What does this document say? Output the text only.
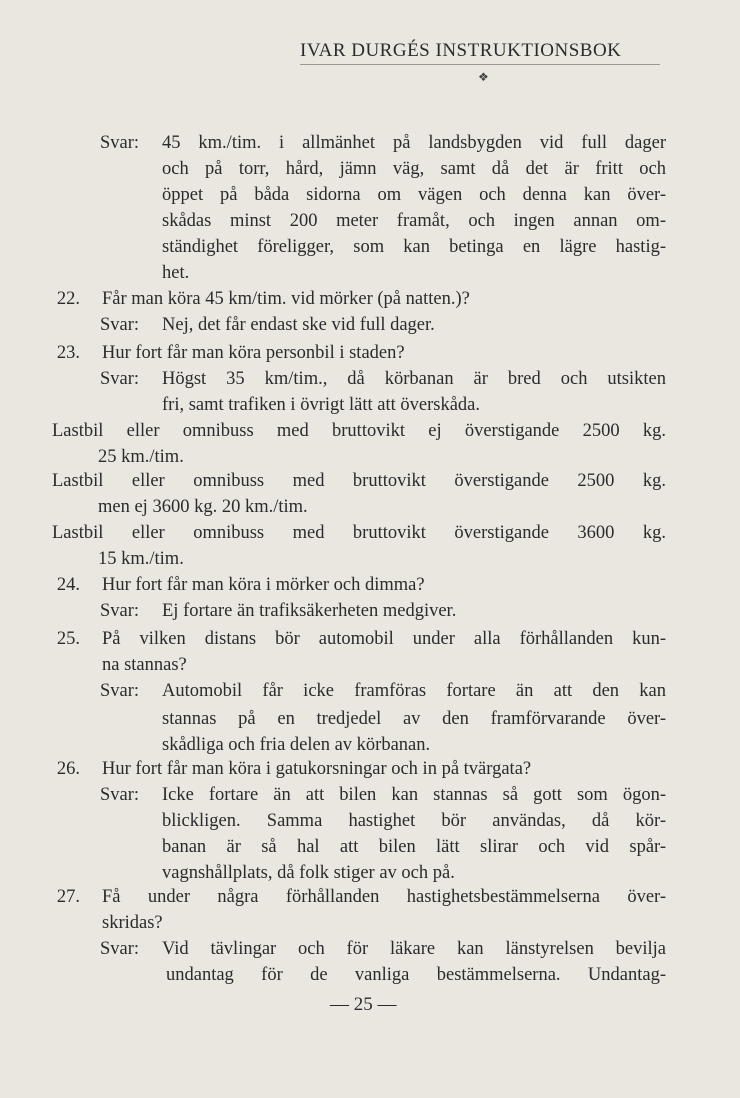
IVAR DURGÉS INSTRUKTIONSBOK
❖
Svar: 45 km./tim. i allmänhet på landsbygden vid full dager
och på torr, hård, jämn väg, samt då det är fritt och
öppet på båda sidorna om vägen och denna kan över-
skådas minst 200 meter framåt, och ingen annan om-
ständighet föreligger, som kan betinga en lägre hastig-
het.
22. Får man köra 45 km/tim. vid mörker (på natten.)?
Svar: Nej, det får endast ske vid full dager.
23. Hur fort får man köra personbil i staden?
Svar: Högst 35 km/tim., då körbanan är bred och utsikten
fri, samt trafiken i övrigt lätt att överskåda.
Lastbil eller omnibuss med bruttovikt ej överstigande 2500 kg.
25 km./tim.
Lastbil eller omnibuss med bruttovikt överstigande 2500 kg.
men ej 3600 kg. 20 km./tim.
Lastbil eller omnibuss med bruttovikt överstigande 3600 kg.
15 km./tim.
24. Hur fort får man köra i mörker och dimma?
Svar: Ej fortare än trafiksäkerheten medgiver.
25. På vilken distans bör automobil under alla förhållanden kun-
na stannas?
Svar: Automobil får icke framföras fortare än att den kan
stannas på en tredjedel av den framförvarande över-
skådliga och fria delen av körbanan.
26. Hur fort får man köra i gatukorsningar och in på tvärgata?
Svar: Icke fortare än att bilen kan stannas så gott som ögon-
blickligen. Samma hastighet bör användas, då kör-
banan är så hal att bilen lätt slirar och vid spår-
vagnshållplats, då folk stiger av och på.
27. Få under några förhållanden hastighetsbestämmelserna över-
skridas?
Svar: Vid tävlingar och för läkare kan länstyrelsen bevilja
undantag för de vanliga bestämmelserna. Undantag-
— 25 —
